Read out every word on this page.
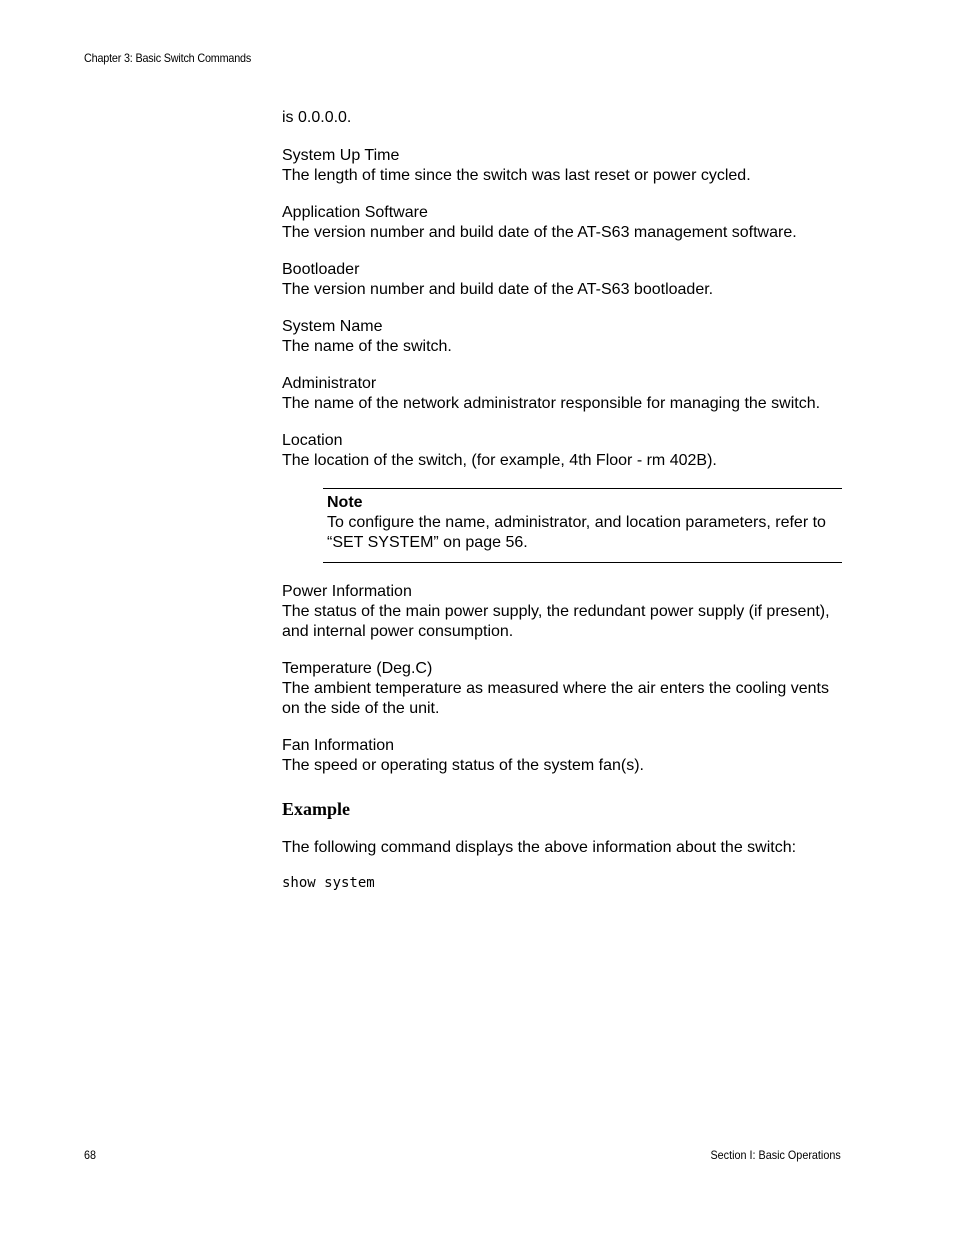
Chapter 3: Basic Switch Commands
is 0.0.0.0.
System Up Time
The length of time since the switch was last reset or power cycled.
Application Software
The version number and build date of the AT-S63 management software.
Bootloader
The version number and build date of the AT-S63 bootloader.
System Name
The name of the switch.
Administrator
The name of the network administrator responsible for managing the switch.
Location
The location of the switch, (for example, 4th Floor - rm 402B).
Note
To configure the name, administrator, and location parameters, refer to “SET SYSTEM” on page 56.
Power Information
The status of the main power supply, the redundant power supply (if present), and internal power consumption.
Temperature (Deg.C)
The ambient temperature as measured where the air enters the cooling vents on the side of the unit.
Fan Information
The speed or operating status of the system fan(s).
Example
The following command displays the above information about the switch:
show system
68	Section I: Basic Operations
